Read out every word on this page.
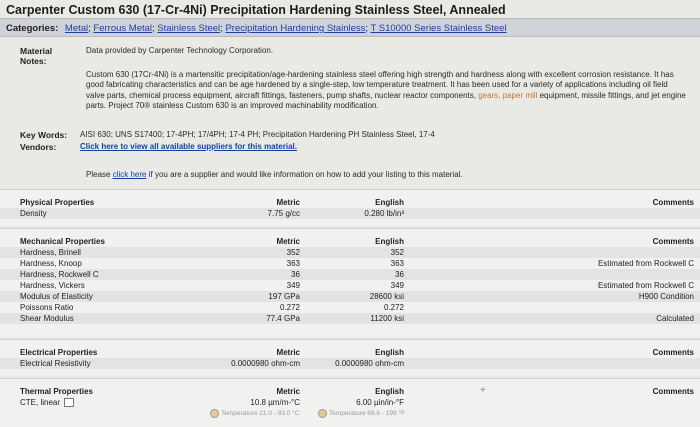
Carpenter Custom 630 (17-Cr-4Ni) Precipitation Hardening Stainless Steel, Annealed
Categories: Metal; Ferrous Metal; Stainless Steel; Precipitation Hardening Stainless; T S10000 Series Stainless Steel
Material Notes:
Data provided by Carpenter Technology Corporation.
Custom 630 (17Cr-4Ni) is a martensitic precipitation/age-hardening stainless steel offering high strength and hardness along with excellent corrosion resistance. It has good fabricating characteristics and can be age hardened by a single-step, low temperature treatment. It has been used for a variety of applications including oil field valve parts, chemical process equipment, aircraft fittings, fasteners, pump shafts, nuclear reactor components, gears, paper mill equipment, missile fittings, and jet engine parts. Project 70® stainless Custom 630 is an improved machinability modification.
Key Words: AISI 630; UNS S17400; 17-4PH; 17/4PH; 17-4 PH; Precipitation Hardening PH Stainless Steel, 17-4
Vendors:	Click here to view all available suppliers for this material.
Please click here if you are a supplier and would like information on how to add your listing to this material.
Physical Properties	Metric	English	Comments
Density	7.75 g/cc	0.280 lb/in³
Mechanical Properties	Metric	English	Comments
Hardness, Brinell	352	352
Hardness, Knoop	363	363	Estimated from Rockwell C
Hardness, Rockwell C	36	36
Hardness, Vickers	349	349	Estimated from Rockwell C
Modulus of Elasticity	197 GPa	28600 ksi	H900 Condition
Poissons Ratio	0.272	0.272
Shear Modulus	77.4 GPa	11200 ksi	Calculated
Electrical Properties	Metric	English	Comments
Electrical Resistivity	0.0000980 ohm-cm	0.0000980 ohm-cm
Thermal Properties	Metric	English	Comments
+
CTE, linear	10.8 µm/m-°C	6.00 µin/in-°F
Temperature 21.0 - 93.0 °C	Temperature 69.8 - 199 °F
